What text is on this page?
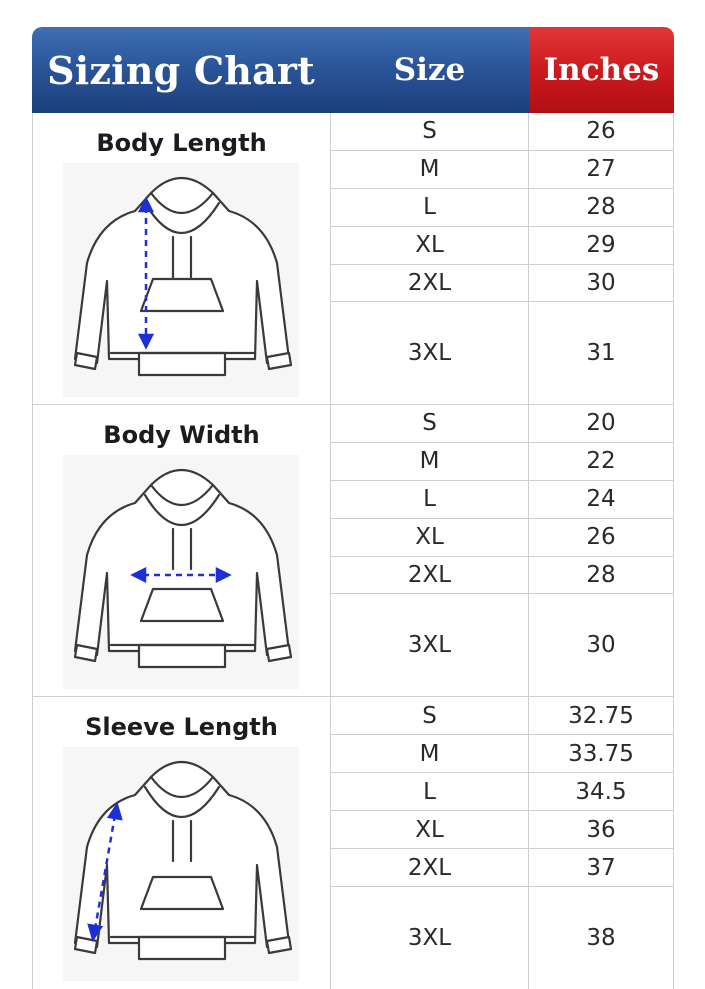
Sizing Chart	Size	Inches
Body Length	S	26
M	27
L	28
XL	29
2XL	30
3XL	31
Body Width	S	20
M	22
L	24
XL	26
2XL	28
3XL	30
Sleeve Length	S	32.75
M	33.75
L	34.5
XL	36
2XL	37
3XL	38
